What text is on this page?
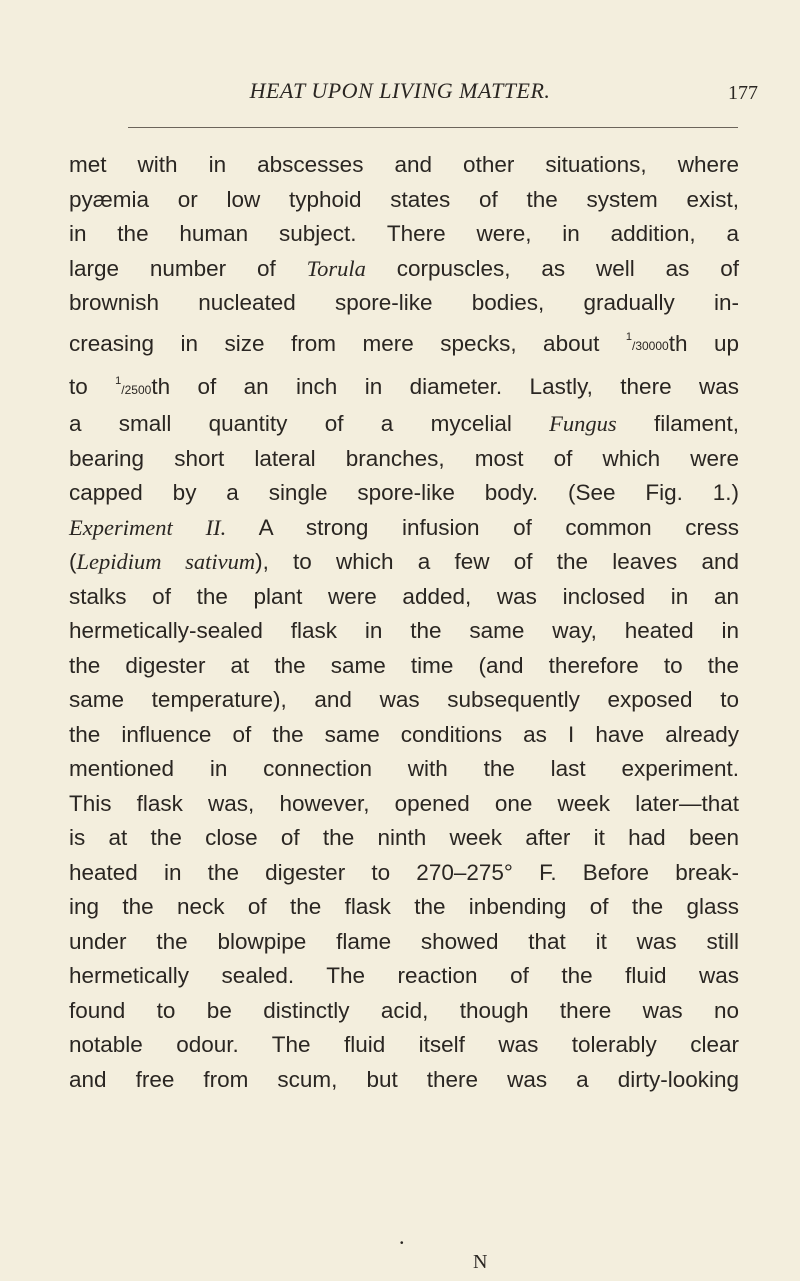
HEAT UPON LIVING MATTER.	177
met with in abscesses and other situations, where
pyæmia or low typhoid states of the system exist,
in the human subject. There were, in addition, a
large number of Torula corpuscles, as well as of
brownish nucleated spore-like bodies, gradually in-
creasing in size from mere specks, about $^1$/30000th up
to $^1$/2500th of an inch in diameter. Lastly, there was
a small quantity of a mycelial Fungus filament,
bearing short lateral branches, most of which were
capped by a single spore-like body. (See Fig. 1.)
Experiment II. A strong infusion of common cress
(Lepidium sativum), to which a few of the leaves and
stalks of the plant were added, was inclosed in an
hermetically-sealed flask in the same way, heated in
the digester at the same time (and therefore to the
same temperature), and was subsequently exposed to
the influence of the same conditions as I have already
mentioned in connection with the last experiment.
This flask was, however, opened one week later—that
is at the close of the ninth week after it had been
heated in the digester to 270–275° F. Before break-
ing the neck of the flask the inbending of the glass
under the blowpipe flame showed that it was still
hermetically sealed. The reaction of the fluid was
found to be distinctly acid, though there was no
notable odour. The fluid itself was tolerably clear
and free from scum, but there was a dirty-looking
•
N
